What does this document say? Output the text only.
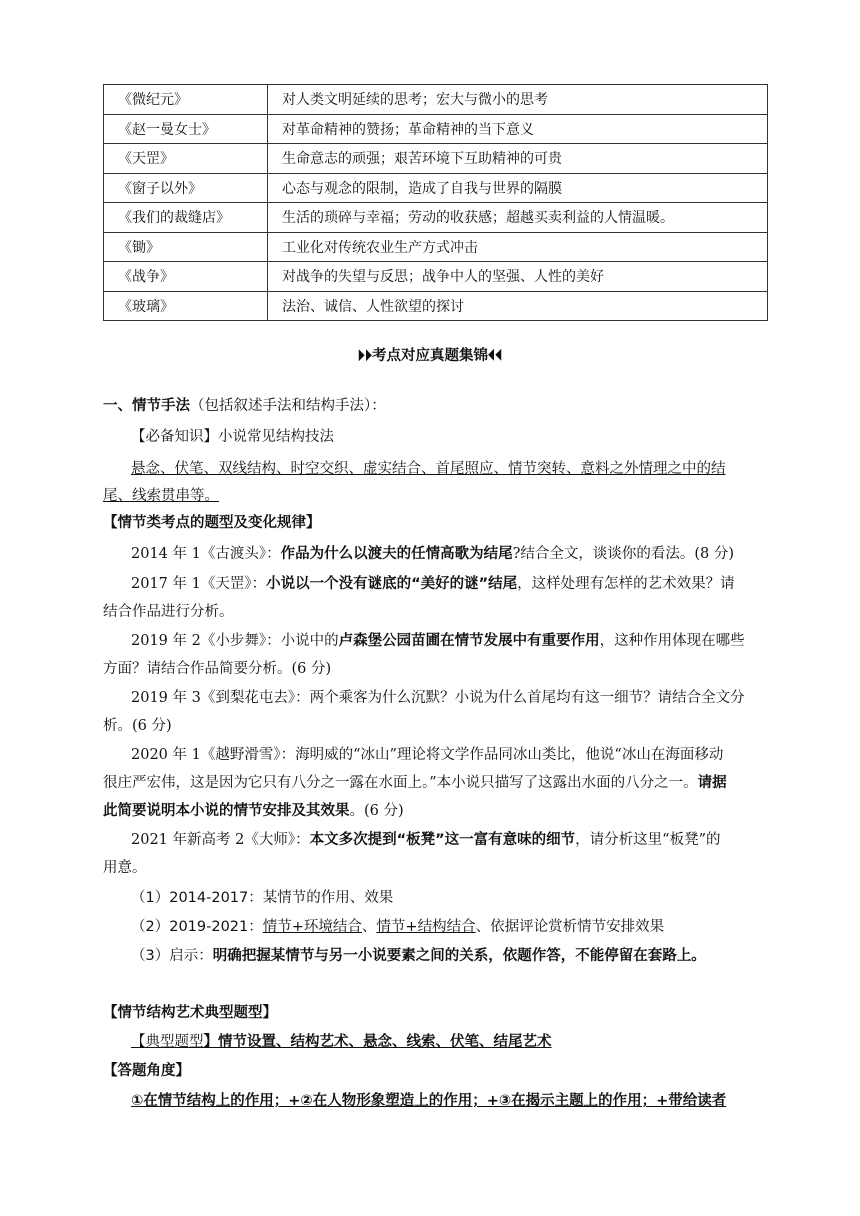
《微纪元》	对人类文明延续的思考；宏大与微小的思考
《赵一曼女士》	对革命精神的赞扬；革命精神的当下意义
《天罡》	生命意志的顽强；艰苦环境下互助精神的可贵
《窗子以外》	心态与观念的限制，造成了自我与世界的隔膜
《我们的裁缝店》	生活的琐碎与幸福；劳动的收获感；超越买卖利益的人情温暖。
《锄》	工业化对传统农业生产方式冲击
《战争》	对战争的失望与反思；战争中人的坚强、人性的美好
《玻璃》	法治、诚信、人性欲望的探讨
⏵⏵考点对应真题集锦⏴⏴
一、情节手法（包括叙述手法和结构手法）：
【必备知识】小说常见结构技法
悬念、伏笔、双线结构、时空交织、虚实结合、首尾照应、情节突转、意料之外情理之中的结
尾、线索贯串等。
【情节类考点的题型及变化规律】
2014 年 1《古渡头》：作品为什么以渡夫的任情高歌为结尾?结合全文，谈谈你的看法。(8 分)
2017 年 1《天罡》：小说以一个没有谜底的“美好的谜”结尾，这样处理有怎样的艺术效果？请
结合作品进行分析。
2019 年 2《小步舞》：小说中的卢森堡公园苗圃在情节发展中有重要作用，这种作用体现在哪些
方面？请结合作品简要分析。(6 分)
2019 年 3《到梨花屯去》：两个乘客为什么沉默？小说为什么首尾均有这一细节？请结合全文分
析。(6 分)
2020 年 1《越野滑雪》：海明威的“冰山”理论将文学作品同冰山类比，他说“冰山在海面移动
很庄严宏伟，这是因为它只有八分之一露在水面上。”本小说只描写了这露出水面的八分之一。请据
此简要说明本小说的情节安排及其效果。(6 分)
2021 年新高考 2《大师》：本文多次提到“板凳”这一富有意味的细节，请分析这里“板凳”的
用意。
（1）2014-2017：某情节的作用、效果
（2）2019-2021：情节+环境结合、情节+结构结合、依据评论赏析情节安排效果
（3）启示：明确把握某情节与另一小说要素之间的关系，依题作答，不能停留在套路上。
【情节结构艺术典型题型】
【典型题型】情节设置、结构艺术、悬念、线索、伏笔、结尾艺术
【答题角度】
①在情节结构上的作用；+②在人物形象塑造上的作用；+③在揭示主题上的作用；+带给读者
